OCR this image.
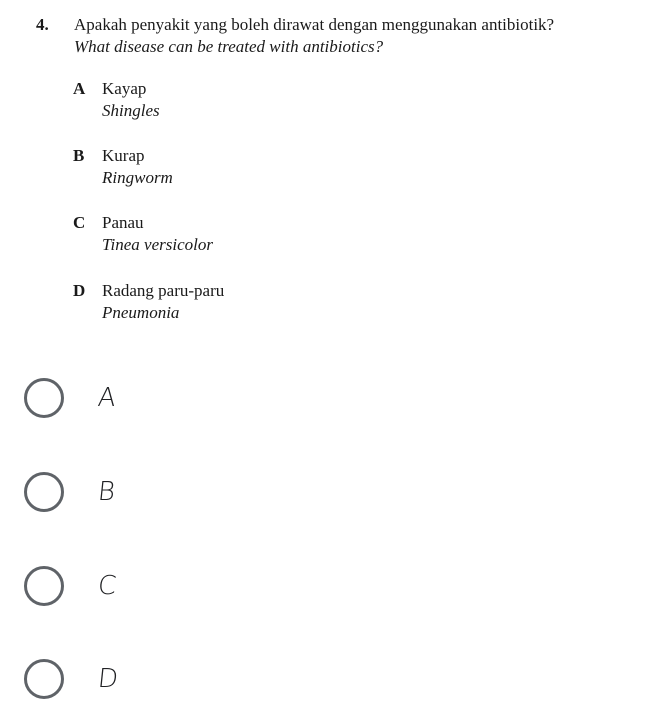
4.	Apakah penyakit yang boleh dirawat dengan menggunakan antibiotik?
What disease can be treated with antibiotics?
A Kayap
Shingles
B	Kurap
Ringworm
C Panau
Tinea versicolor
D Radang paru-paru
Pneumonia
A
B
C
D
